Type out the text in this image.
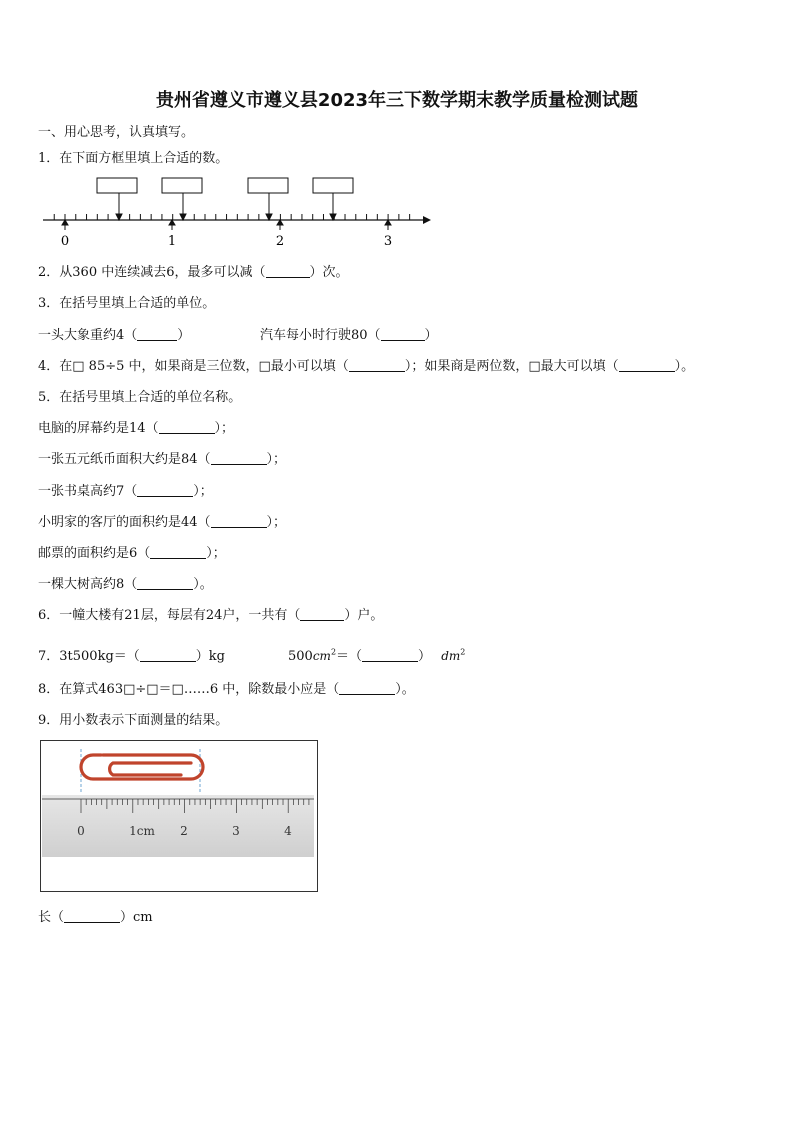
贵州省遵义市遵义县2023年三下数学期末教学质量检测试题
一、用心思考，认真填写。
1．在下面方框里填上合适的数。
0	1	2	3
2．从360 中连续减去6，最多可以减（	）次。
3．在括号里填上合适的单位。
一头大象重约4（	）	汽车每小时行驶80（	）
4．在□ 85÷5 中，如果商是三位数，□最小可以填（	）；如果商是两位数，□最大可以填（	）。
5．在括号里填上合适的单位名称。
电脑的屏幕约是14（	）；
一张五元纸币面积大约是84（	）；
一张书桌高约7（	）；
小明家的客厅的面积约是44（	）；
邮票的面积约是6（	）；
一棵大树高约8（	）。
6．一幢大楼有21层，每层有24户，一共有（	）户。
7．3t500kg＝（	）kg	$500cm^2=$（	） $dm^2$
8．在算式463□÷□＝□……6 中，除数最小应是（	）。
9．用小数表示下面测量的结果。
0	1cm 2	3	4
长（	）cm
